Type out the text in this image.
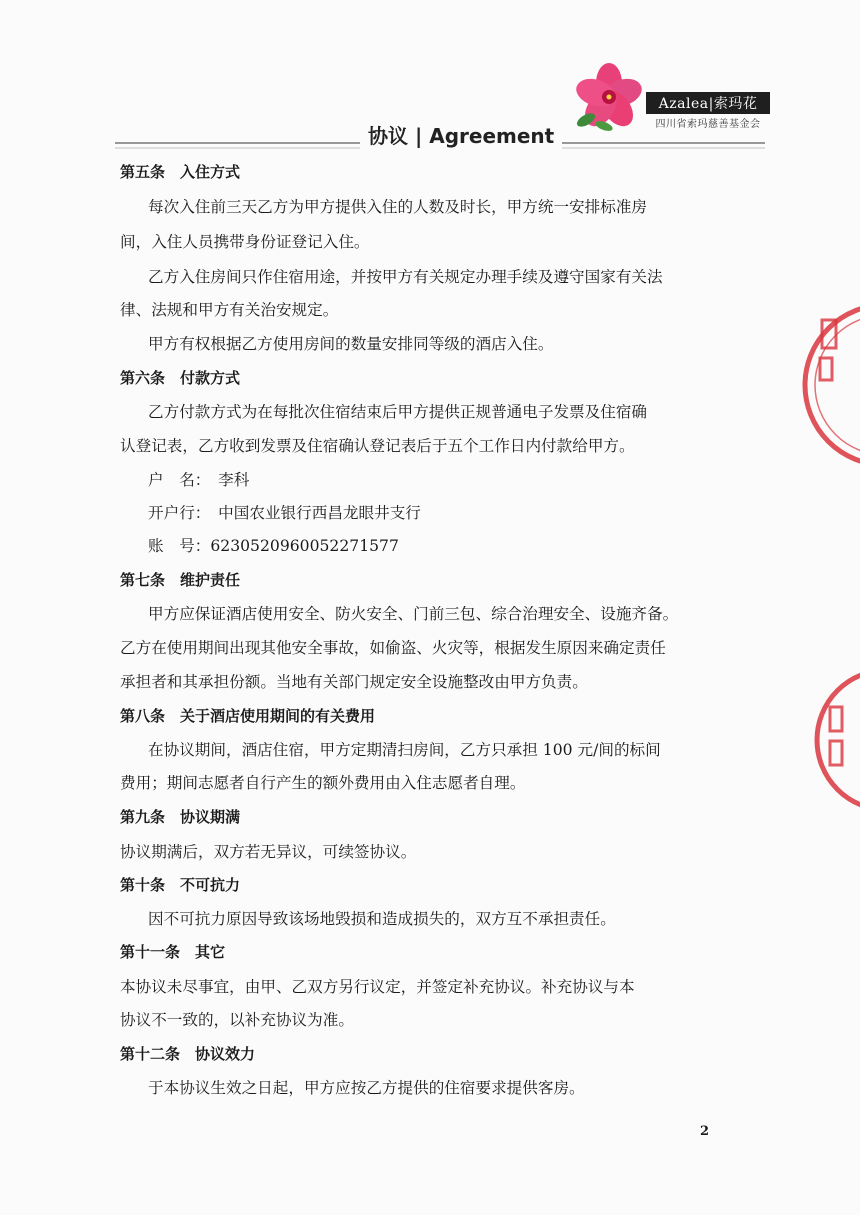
Azalea|索玛花
四川省索玛慈善基金会
协议 | Agreement
第五条　入住方式
每次入住前三天乙方为甲方提供入住的人数及时长，甲方统一安排标准房
间，入住人员携带身份证登记入住。
乙方入住房间只作住宿用途，并按甲方有关规定办理手续及遵守国家有关法
律、法规和甲方有关治安规定。
甲方有权根据乙方使用房间的数量安排同等级的酒店入住。
第六条　付款方式
乙方付款方式为在每批次住宿结束后甲方提供正规普通电子发票及住宿确
认登记表，乙方收到发票及住宿确认登记表后于五个工作日内付款给甲方。
户　名：　李科
开户行：　中国农业银行西昌龙眼井支行
账　号：6230520960052271577
第七条　维护责任
甲方应保证酒店使用安全、防火安全、门前三包、综合治理安全、设施齐备。
乙方在使用期间出现其他安全事故，如偷盗、火灾等，根据发生原因来确定责任
承担者和其承担份额。当地有关部门规定安全设施整改由甲方负责。
第八条　关于酒店使用期间的有关费用
在协议期间，酒店住宿，甲方定期清扫房间，乙方只承担 100 元/间的标间
费用；期间志愿者自行产生的额外费用由入住志愿者自理。
第九条　协议期满
协议期满后，双方若无异议，可续签协议。
第十条　不可抗力
因不可抗力原因导致该场地毁损和造成损失的，双方互不承担责任。
第十一条　其它
本协议未尽事宜，由甲、乙双方另行议定，并签定补充协议。补充协议与本
协议不一致的，以补充协议为准。
第十二条　协议效力
于本协议生效之日起，甲方应按乙方提供的住宿要求提供客房。
2
